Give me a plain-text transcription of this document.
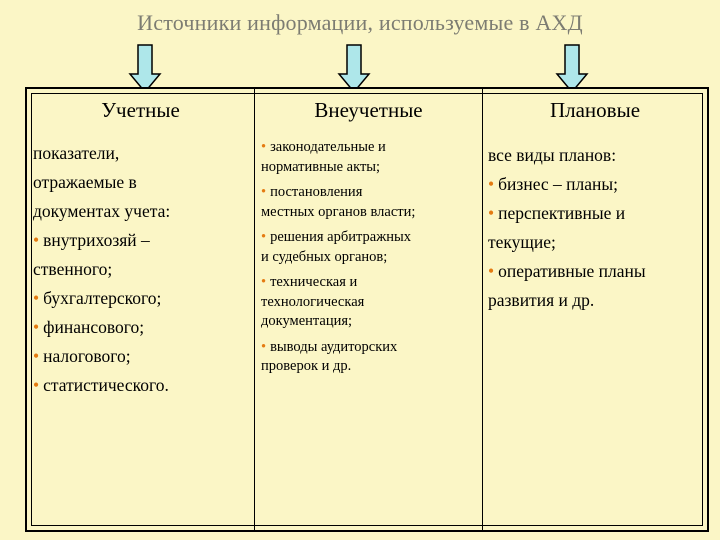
Источники информации, используемые в АХД
Учетные
показатели,
отражаемые в
документах учета:
• внутрихозяй –
ственного;
• бухгалтерского;
• финансового;
• налогового;
• статистического.
Внеучетные
• законодательные и
нормативные акты;
• постановления
местных органов власти;
• решения арбитражных
и судебных органов;
• техническая и
технологическая
документация;
• выводы аудиторских
проверок и др.
Плановые
все виды планов:
• бизнес – планы;
• перспективные и
текущие;
• оперативные планы
развития и др.
